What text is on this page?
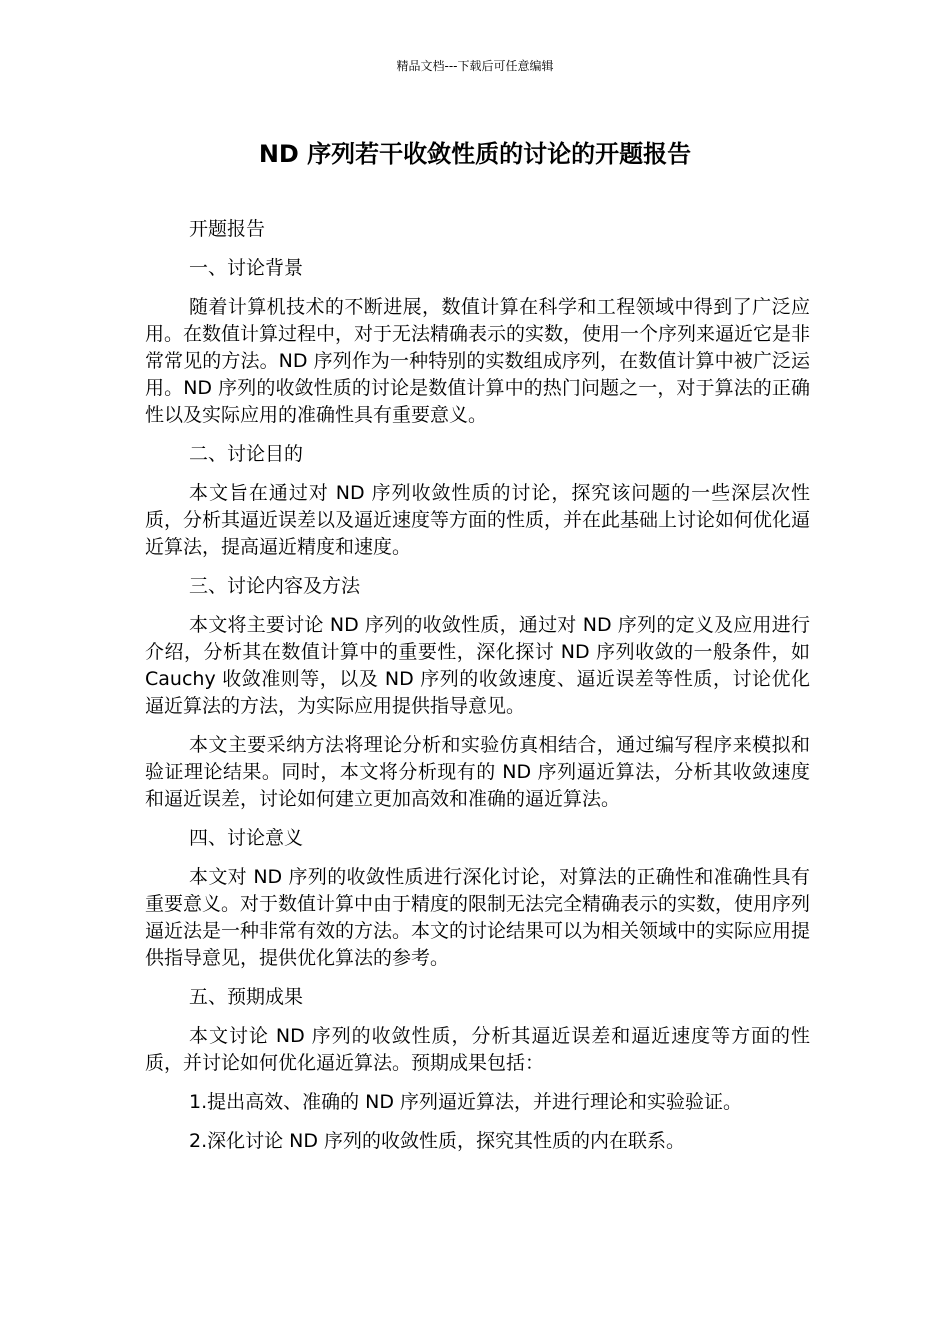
精品文档---下载后可任意编辑
ND 序列若干收敛性质的讨论的开题报告

开题报告

一、讨论背景

随着计算机技术的不断进展，数值计算在科学和工程领域中得到了广泛应用。在数值计算过程中，对于无法精确表示的实数，使用一个序列来逼近它是非常常见的方法。ND 序列作为一种特别的实数组成序列，在数值计算中被广泛运用。ND 序列的收敛性质的讨论是数值计算中的热门问题之一，对于算法的正确性以及实际应用的准确性具有重要意义。

二、讨论目的

本文旨在通过对 ND 序列收敛性质的讨论，探究该问题的一些深层次性质，分析其逼近误差以及逼近速度等方面的性质，并在此基础上讨论如何优化逼近算法，提高逼近精度和速度。

三、讨论内容及方法

本文将主要讨论 ND 序列的收敛性质，通过对 ND 序列的定义及应用进行介绍，分析其在数值计算中的重要性，深化探讨 ND 序列收敛的一般条件，如 Cauchy 收敛准则等，以及 ND 序列的收敛速度、逼近误差等性质，讨论优化逼近算法的方法，为实际应用提供指导意见。

本文主要采纳方法将理论分析和实验仿真相结合，通过编写程序来模拟和验证理论结果。同时，本文将分析现有的 ND 序列逼近算法，分析其收敛速度和逼近误差，讨论如何建立更加高效和准确的逼近算法。

四、讨论意义

本文对 ND 序列的收敛性质进行深化讨论，对算法的正确性和准确性具有重要意义。对于数值计算中由于精度的限制无法完全精确表示的实数，使用序列逼近法是一种非常有效的方法。本文的讨论结果可以为相关领域中的实际应用提供指导意见，提供优化算法的参考。

五、预期成果

本文讨论 ND 序列的收敛性质，分析其逼近误差和逼近速度等方面的性质，并讨论如何优化逼近算法。预期成果包括：

1.提出高效、准确的 ND 序列逼近算法，并进行理论和实验验证。

2.深化讨论 ND 序列的收敛性质，探究其性质的内在联系。
